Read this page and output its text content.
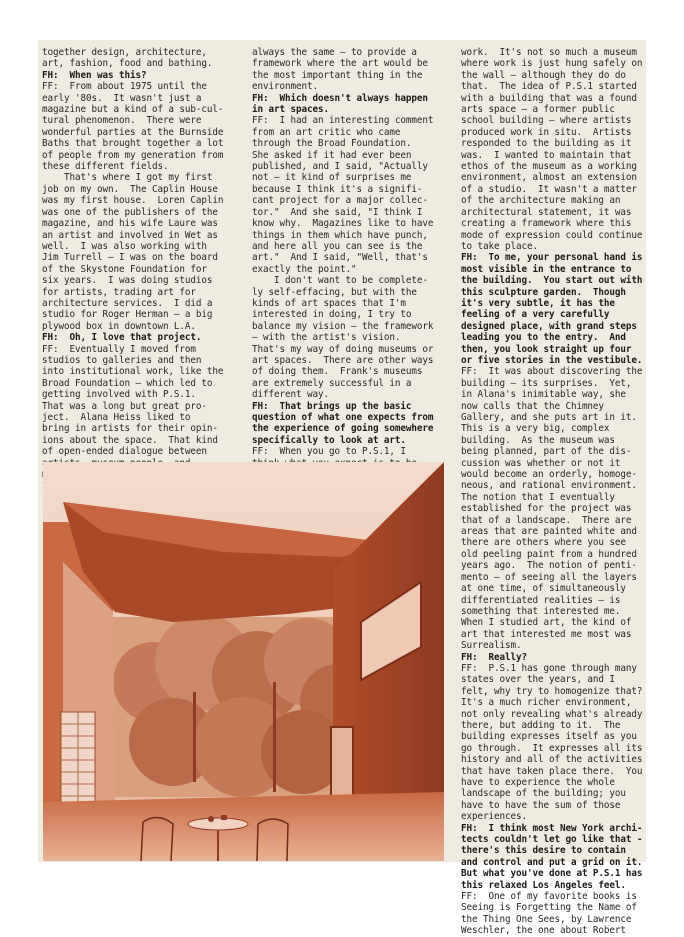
together design, architecture,

art, fashion, food and bathing.

FH:  When was this?

FF:  From about 1975 until the

early '80s.  It wasn't just a

magazine but a kind of a sub-cul-

tural phenomenon.  There were

wonderful parties at the Burnside

Baths that brought together a lot

of people from my generation from

these different fields.

That's where I got my first

job on my own.  The Caplin House

was my first house.  Loren Caplin

was one of the publishers of the

magazine, and his wife Laure was

an artist and involved in Wet as

well.  I was also working with

Jim Turrell — I was on the board

of the Skystone Foundation for

six years.  I was doing studios

for artists, trading art for

architecture services.  I did a

studio for Roger Herman — a big

plywood box in downtown L.A.

FH:  Oh, I love that project.

FF:  Eventually I moved from

studios to galleries and then

into institutional work, like the

Broad Foundation — which led to

getting involved with P.S.1.

That was a long but great pro-

ject.  Alana Heiss liked to

bring in artists for their opin-

ions about the space.  That kind

of open-ended dialogue between

always the same — to provide a

framework where the art would be

the most important thing in the

environment.

FH:  Which doesn't always happen

in art spaces.

FF:  I had an interesting comment

from an art critic who came

through the Broad Foundation.

She asked if it had ever been

published, and I said, "Actually

not — it kind of surprises me

because I think it's a signifi-

cant project for a major collec-

tor."  And she said, "I think I

know why.  Magazines like to have

things in them which have punch,

and here all you can see is the

art."  And I said, "Well, that's

exactly the point."

I don't want to be complete-

ly self-effacing, but with the

kinds of art spaces that I'm

interested in doing, I try to

balance my vision — the framework

— with the artist's vision.

That's my way of doing museums or

art spaces.  There are other ways

of doing them.  Frank's museums

are extremely successful in a

different way.

FH:  That brings up the basic

question of what one expects from

the experience of going somewhere

specifically to look at art.

FF:  When you go to P.S.1, I

work.  It's not so much a museum

where work is just hung safely on

the wall — although they do do

that.  The idea of P.S.1 started

with a building that was a found

arts space — a former public

school building — where artists

produced work in situ.  Artists

responded to the building as it

was.  I wanted to maintain that

ethos of the museum as a working

environment, almost an extension

of a studio.  It wasn't a matter

of the architecture making an

architectural statement, it was

creating a framework where this

mode of expression could continue

to take place.

FH:  To me, your personal hand is

most visible in the entrance to

the building.  You start out with

this sculpture garden.  Though

it's very subtle, it has the

feeling of a very carefully

designed place, with grand steps

leading you to the entry.  And

then, you look straight up four

or five stories in the vestibule.

FF:  It was about discovering the

building — its surprises.  Yet,

in Alana's inimitable way, she

now calls that the Chimney

Gallery, and she puts art in it.

This is a very big, complex

building.  As the museum was

being planned, part of the dis-

cussion was whether or not it

would become an orderly, homoge-

neous, and rational environment.

The notion that I eventually

established for the project was

that of a landscape.  There are

areas that are painted white and

there are others where you see

old peeling paint from a hundred

years ago.  The notion of penti-

mento — of seeing all the layers

at one time, of simultaneously

differentiated realities — is

something that interested me.

When I studied art, the kind of

art that interested me most was

Surrealism.

FH:  Really?

FF:  P.S.1 has gone through many

states over the years, and I

felt, why try to homogenize that?

It's a much richer environment,

not only revealing what's already

there, but adding to it.  The

building expresses itself as you

go through.  It expresses all its

history and all of the activities

that have taken place there.  You

have to experience the whole

landscape of the building; you

have to have the sum of those

experiences.

FH:  I think most New York archi-

tects couldn't let go like that -

there's this desire to contain

and control and put a grid on it.

But what you've done at P.S.1 has

this relaxed Los Angeles feel.

FF:  One of my favorite books is

Seeing is Forgetting the Name of

the Thing One Sees, by Lawrence

Weschler, the one about Robert
